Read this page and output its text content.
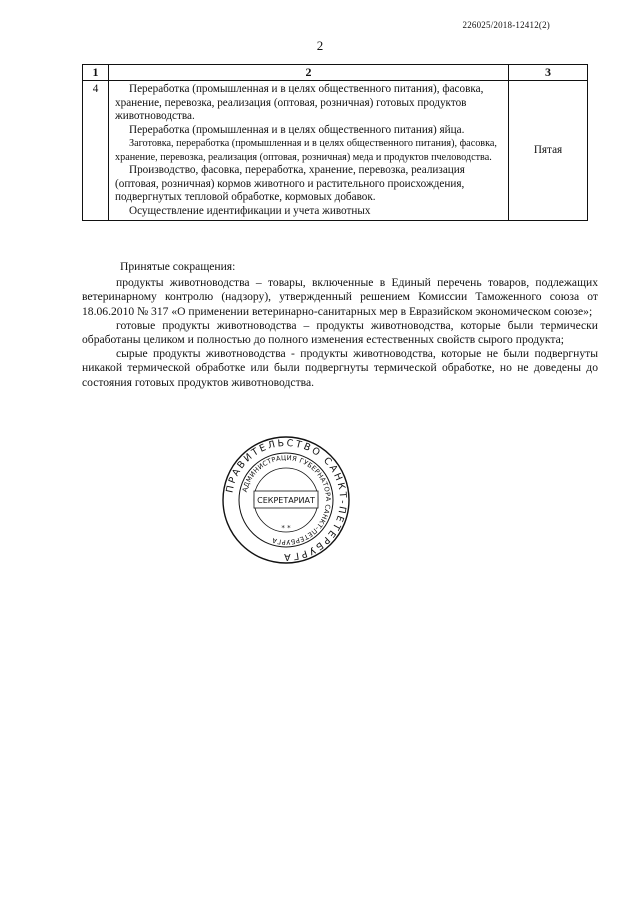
226025/2018-12412(2)
2
1	2	3
4	Переработка (промышленная и в целях общественного питания), фасовка, хранение, перевозка, реализация (оптовая, розничная) готовых продуктов животноводства.

Переработка (промышленная и в целях общественного питания) яйца.

Заготовка, переработка (промышленная и в целях общественного питания), фасовка, хранение, перевозка, реализация (оптовая, розничная) меда и продуктов пчеловодства.

Производство, фасовка, переработка, хранение, перевозка, реализация (оптовая, розничная) кормов животного и растительного происхождения, подвергнутых тепловой обработке, кормовых добавок.

Осуществление идентификации и учета животных	Пятая

Принятые сокращения:

продукты животноводства – товары, включенные в Единый перечень товаров, подлежащих ветеринарному контролю (надзору), утвержденный решением Комиссии Таможенного союза от 18.06.2010 № 317 «О применении ветеринарно-санитарных мер в Евразийском экономическом союзе»;

готовые продукты животноводства – продукты животноводства, которые были термически обработаны целиком и полностью до полного изменения естественных свойств сырого продукта;

сырые продукты животноводства - продукты животноводства, которые не были подвергнуты никакой термической обработке или были подвергнуты термической обработке, но не доведены до состояния готовых продуктов животноводства.

ПРАВИТЕЛЬСТВО САНКТ-ПЕТЕРБУРГА
АДМИНИСТРАЦИЯ ГУБЕРНАТОРА САНКТ-ПЕТЕРБУРГА
СЕКРЕТАРИАТ
* *
